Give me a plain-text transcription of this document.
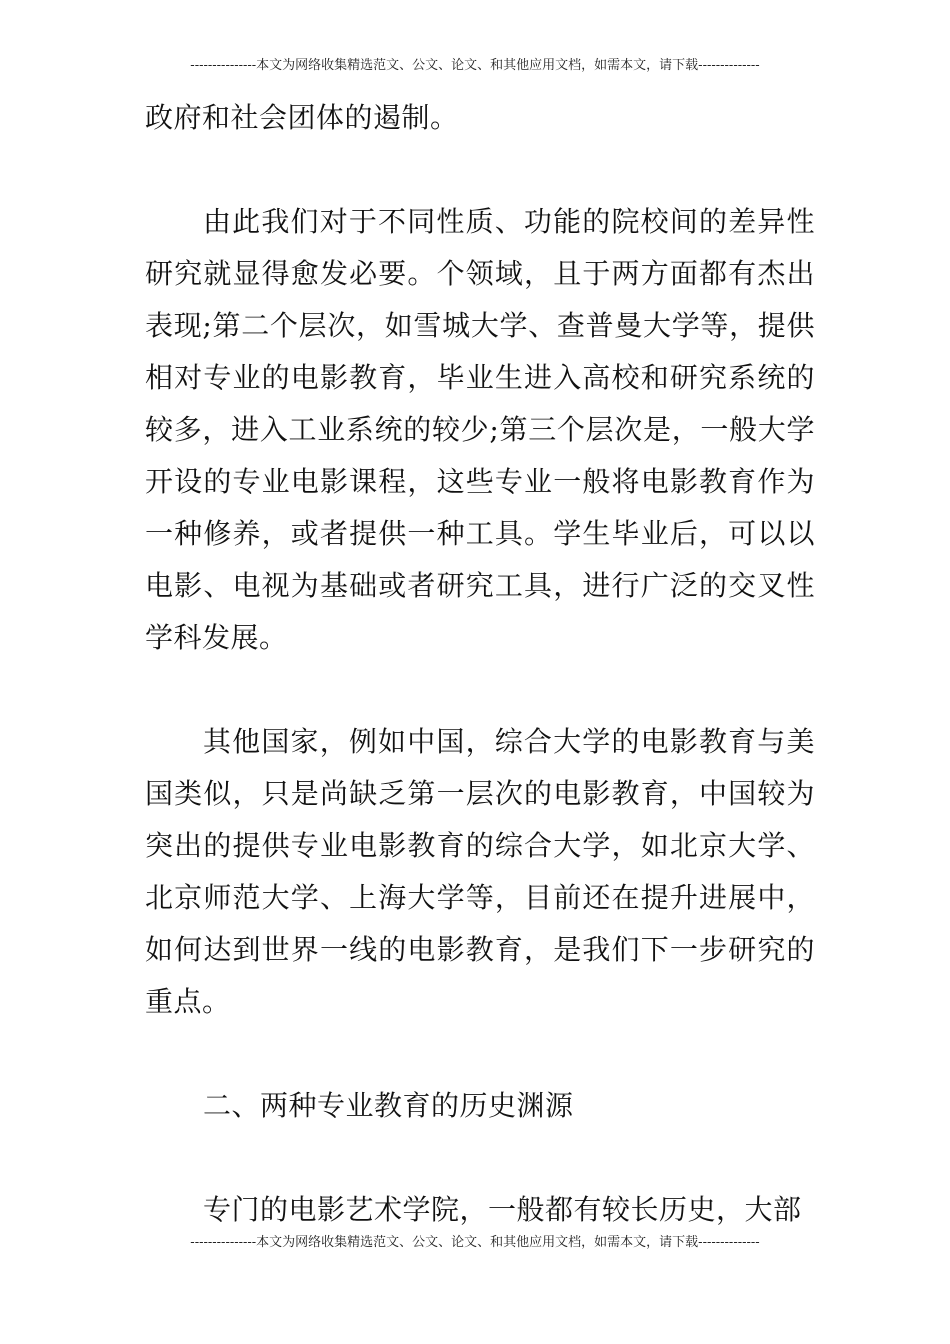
---------------本文为网络收集精选范文、公文、论文、和其他应用文档，如需本文，请下载--------------

政府和社会团体的遏制。

由此我们对于不同性质、功能的院校间的差异性研究就显得愈发必要。个领域，且于两方面都有杰出表现;第二个层次，如雪城大学、查普曼大学等，提供相对专业的电影教育，毕业生进入高校和研究系统的较多，进入工业系统的较少;第三个层次是，一般大学开设的专业电影课程，这些专业一般将电影教育作为一种修养，或者提供一种工具。学生毕业后，可以以电影、电视为基础或者研究工具，进行广泛的交叉性学科发展。

其他国家，例如中国，综合大学的电影教育与美国类似，只是尚缺乏第一层次的电影教育，中国较为突出的提供专业电影教育的综合大学，如北京大学、北京师范大学、上海大学等，目前还在提升进展中，如何达到世界一线的电影教育，是我们下一步研究的重点。

二、两种专业教育的历史渊源

专门的电影艺术学院，一般都有较长历史，大部

---------------本文为网络收集精选范文、公文、论文、和其他应用文档，如需本文，请下载--------------
